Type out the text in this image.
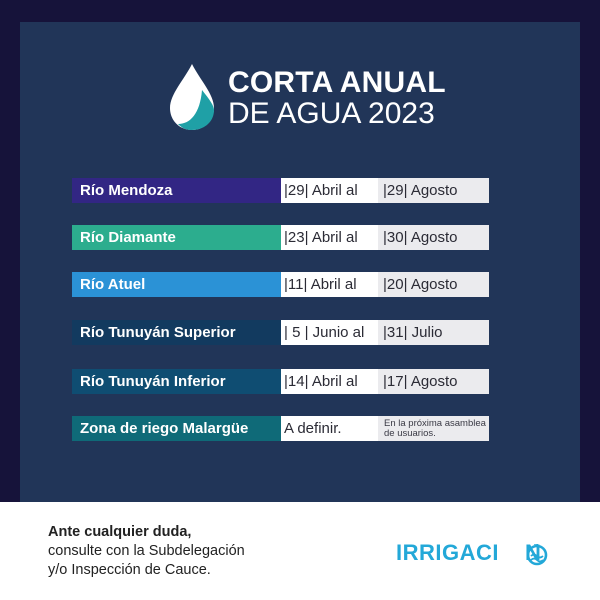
CORTA ANUAL
DE AGUA 2023
Río Mendoza	|29| Abril al	|29| Agosto
Río Diamante	|23| Abril al	|30| Agosto
Río Atuel	|11| Abril al	|20| Agosto
Río Tunuyán Superior	| 5 | Junio al	|31| Julio
Río Tunuyán Inferior	|14| Abril al	|17| Agosto
Zona de riego Malargüe	A definir.	En la próxima asamblea de usuarios.
Ante cualquier duda,
consulte con la Subdelegación
y/o Inspección de Cauce.
IRRIGACI N
